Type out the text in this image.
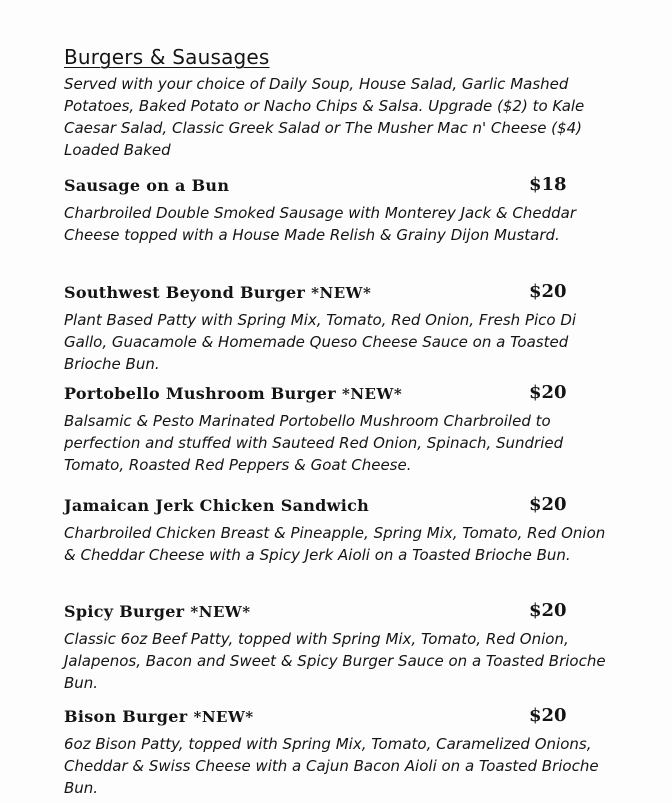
Burgers & Sausages

Served with your choice of Daily Soup, House Salad, Garlic Mashed Potatoes, Baked Potato or Nacho Chips & Salsa. Upgrade ($2) to Kale Caesar Salad, Classic Greek Salad or The Musher Mac n' Cheese ($4) Loaded Baked

Sausage on a Bun	$18

Charbroiled Double Smoked Sausage with Monterey Jack & Cheddar Cheese topped with a House Made Relish & Grainy Dijon Mustard.

Southwest Beyond Burger *NEW*	$20

Plant Based Patty with Spring Mix, Tomato, Red Onion, Fresh Pico Di Gallo, Guacamole & Homemade Queso Cheese Sauce on a Toasted Brioche Bun.

Portobello Mushroom Burger *NEW*	$20

Balsamic & Pesto Marinated Portobello Mushroom Charbroiled to perfection and stuffed with Sauteed Red Onion, Spinach, Sundried Tomato, Roasted Red Peppers & Goat Cheese.

Jamaican Jerk Chicken Sandwich	$20

Charbroiled Chicken Breast & Pineapple, Spring Mix, Tomato, Red Onion & Cheddar Cheese with a Spicy Jerk Aioli on a Toasted Brioche Bun.

Spicy Burger *NEW*	$20

Classic 6oz Beef Patty, topped with Spring Mix, Tomato, Red Onion, Jalapenos, Bacon and Sweet & Spicy Burger Sauce on a Toasted Brioche Bun.

Bison Burger *NEW*	$20

6oz Bison Patty, topped with Spring Mix, Tomato, Caramelized Onions, Cheddar & Swiss Cheese with a Cajun Bacon Aioli on a Toasted Brioche Bun.
